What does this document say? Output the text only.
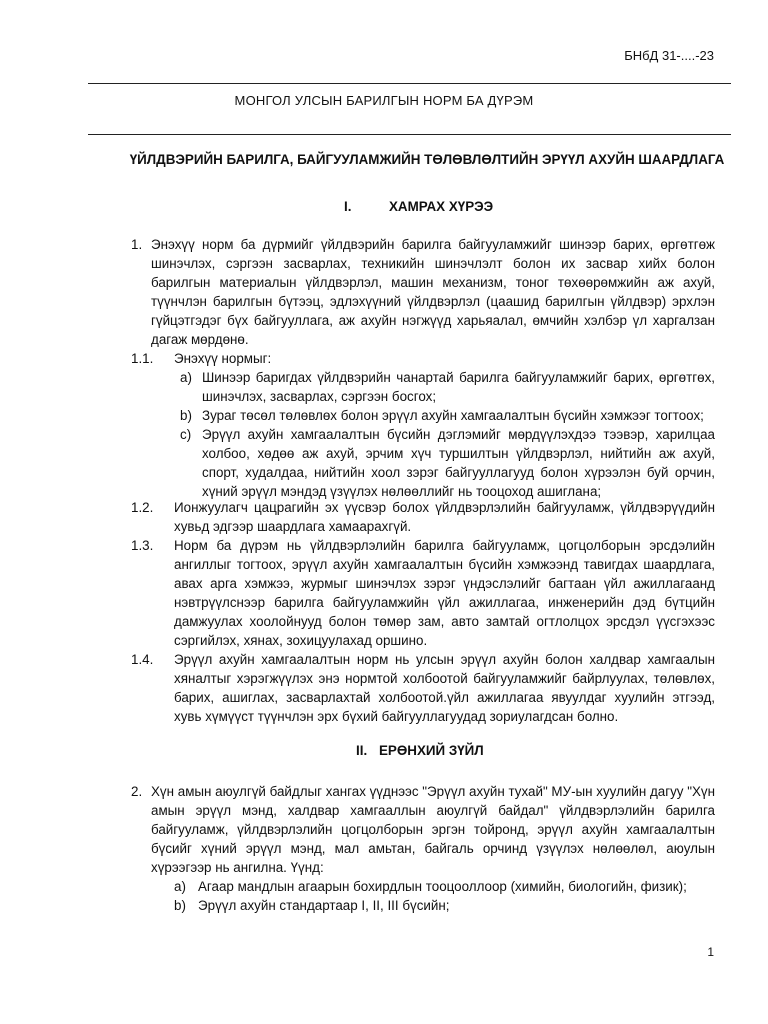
БНбД 31-....-23
МОНГОЛ УЛСЫН БАРИЛГЫН НОРМ БА ДҮРЭМ
ҮЙЛДВЭРИЙН БАРИЛГА, БАЙГУУЛАМЖИЙН ТӨЛӨВЛӨЛТИЙН ЭРҮҮЛ АХУЙН ШААРДЛАГА
I.	ХАМРАХ ХҮРЭЭ
1. Энэхүү норм ба дүрмийг үйлдвэрийн барилга байгууламжийг шинээр барих, өргөтгөж шинэчлэх, сэргээн засварлах, техникийн шинэчлэлт болон их засвар хийх болон барилгын материалын үйлдвэрлэл, машин механизм, тоног төхөөрөмжийн аж ахуй, түүнчлэн барилгын бүтээц, эдлэхүүний үйлдвэрлэл (цаашид барилгын үйлдвэр) эрхлэн гүйцэтгэдэг бүх байгууллага, аж ахуйн нэгжүүд харьяалал, өмчийн хэлбэр үл харгалзан дагаж мөрдөнө.
1.1. Энэхүү нормыг:
a) Шинээр баригдах үйлдвэрийн чанартай барилга байгууламжийг барих, өргөтгөх, шинэчлэх, засварлах, сэргээн босгох;
b) Зураг төсөл төлөвлөх болон эрүүл ахуйн хамгаалалтын бүсийн хэмжээг тогтоох;
c) Эрүүл ахуйн хамгаалалтын бүсийн дэглэмийг мөрдүүлэхдээ тээвэр, харилцаа холбоо, хөдөө аж ахуй, эрчим хүч туршилтын үйлдвэрлэл, нийтийн аж ахуй, спорт, худалдаа, нийтийн хоол зэрэг байгууллагууд болон хүрээлэн буй орчин, хүний эрүүл мэндэд үзүүлэх нөлөөллийг нь тооцоход ашиглана;
1.2. Ионжуулагч цацрагийн эх үүсвэр болох үйлдвэрлэлийн байгууламж, үйлдвэрүүдийн хувьд эдгээр шаардлага хамаарахгүй.
1.3. Норм ба дүрэм нь үйлдвэрлэлийн барилга байгууламж, цогцолборын эрсдэлийн ангиллыг тогтоох, эрүүл ахуйн хамгаалалтын бүсийн хэмжээнд тавигдах шаардлага, авах арга хэмжээ, журмыг шинэчлэх зэрэг үндэслэлийг багтаан үйл ажиллагаанд нэвтрүүлснээр барилга байгууламжийн үйл ажиллагаа, инженерийн дэд бүтцийн дамжуулах хоолойнууд болон төмөр зам, авто замтай огтлолцох эрсдэл үүсгэхээс сэргийлэх, хянах, зохицуулахад оршино.
1.4. Эрүүл ахуйн хамгаалалтын норм нь улсын эрүүл ахуйн болон халдвар хамгаалын хяналтыг хэрэгжүүлэх энэ нормтой холбоотой байгууламжийг байрлуулах, төлөвлөх, барих, ашиглах, засварлахтай холбоотой.үйл ажиллагаа явуулдаг хуулийн этгээд, хувь хүмүүст түүнчлэн эрх бүхий байгууллагуудад зориулагдсан болно.
II. ЕРӨНХИЙ ЗҮЙЛ
2. Хүн амын аюулгүй байдлыг хангах үүднээс "Эрүүл ахуйн тухай" МУ-ын хуулийн дагуу "Хүн амын эрүүл мэнд, халдвар хамгааллын аюулгүй байдал" үйлдвэрлэлийн барилга байгууламж, үйлдвэрлэлийн цогцолборын эргэн тойронд, эрүүл ахуйн хамгаалалтын бүсийг хүний эрүүл мэнд, мал амьтан, байгаль орчинд үзүүлэх нөлөөлөл, аюулын хүрээгээр нь ангилна. Үүнд:
a) Агаар мандлын агаарын бохирдлын тооцооллоор (химийн, биологийн, физик);
b) Эрүүл ахуйн стандартаар I, II, III бүсийн;
1
